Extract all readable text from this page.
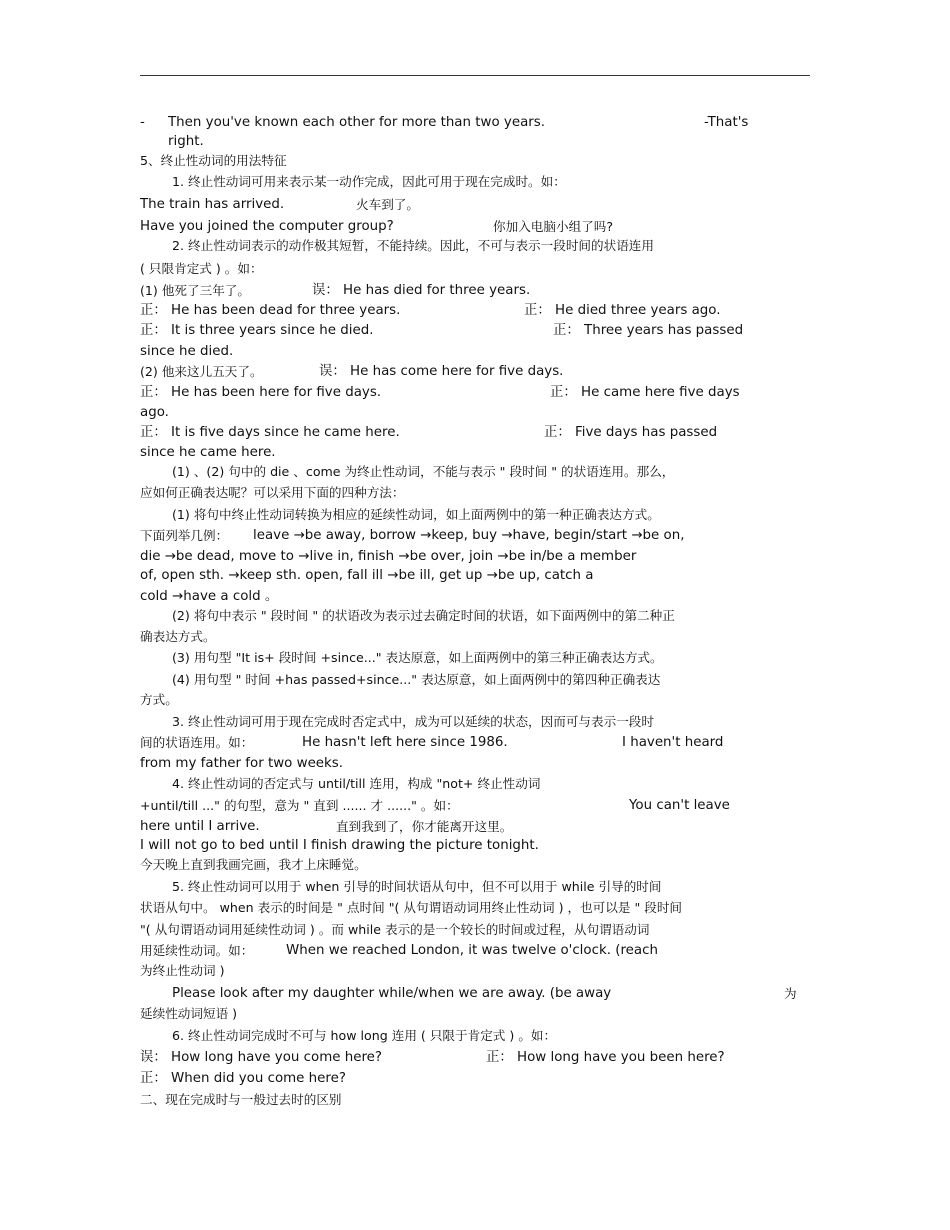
- Then you've known each other for more than two years.	-That's
right.
5、终止性动词的用法特征
1. 终止性动词可用来表示某一动作完成，因此可用于现在完成时。如：
The train has arrived.	火车到了。
Have you joined the computer group?	你加入电脑小组了吗?
2. 终止性动词表示的动作极其短暂，不能持续。因此，不可与表示一段时间的状语连用
( 只限肯定式 ) 。如：
(1) 他死了三年了。	误： He has died for three years.
正： He has been dead for three years.	正： He died three years ago.
正： It is three years since he died.	正： Three years has passed
since he died.
(2) 他来这儿五天了。	误： He has come here for five days.
正： He has been here for five days.	正： He came here five days
ago.
正： It is five days since he came here.	正： Five days has passed
since he came here.
(1) 、(2) 句中的 die 、come 为终止性动词，不能与表示 " 段时间 " 的状语连用。那么，
应如何正确表达呢？可以采用下面的四种方法：
(1) 将句中终止性动词转换为相应的延续性动词，如上面两例中的第一种正确表达方式。
下面列举几例： leave →be away, borrow →keep, buy →have, begin/start →be on,
die →be dead, move to →live in, finish →be over, join →be in/be a member
of, open sth. →keep sth. open, fall ill →be ill, get up →be up, catch a
cold →have a cold 。
(2) 将句中表示 " 段时间 " 的状语改为表示过去确定时间的状语，如下面两例中的第二种正
确表达方式。
(3) 用句型 "It is+ 段时间 +since..." 表达原意，如上面两例中的第三种正确表达方式。
(4) 用句型 " 时间 +has passed+since..." 表达原意，如上面两例中的第四种正确表达
方式。
3. 终止性动词可用于现在完成时否定式中，成为可以延续的状态，因而可与表示一段时
间的状语连用。如：	He hasn't left here since 1986.	I haven't heard
from my father for two weeks.
4. 终止性动词的否定式与 until/till 连用，构成 "not+ 终止性动词
+until/till ..." 的句型，意为 " 直到 ...... 才 ......" 。如：	You can't leave
here until I arrive.	直到我到了，你才能离开这里。
I will not go to bed until I finish drawing the picture tonight.
今天晚上直到我画完画，我才上床睡觉。
5. 终止性动词可以用于 when 引导的时间状语从句中，但不可以用于 while 引导的时间
状语从句中。 when 表示的时间是 " 点时间 "( 从句谓语动词用终止性动词 ) ，也可以是 " 段时间
"( 从句谓语动词用延续性动词 ) 。而 while 表示的是一个较长的时间或过程，从句谓语动词
用延续性动词。如： When we reached London, it was twelve o'clock. (reach
为终止性动词 )
Please look after my daughter while/when we are away. (be away	为
延续性动词短语 )
6. 终止性动词完成时不可与 how long 连用 ( 只限于肯定式 ) 。如：
误： How long have you come here?	正： How long have you been here?
正： When did you come here?
二、现在完成时与一般过去时的区别
